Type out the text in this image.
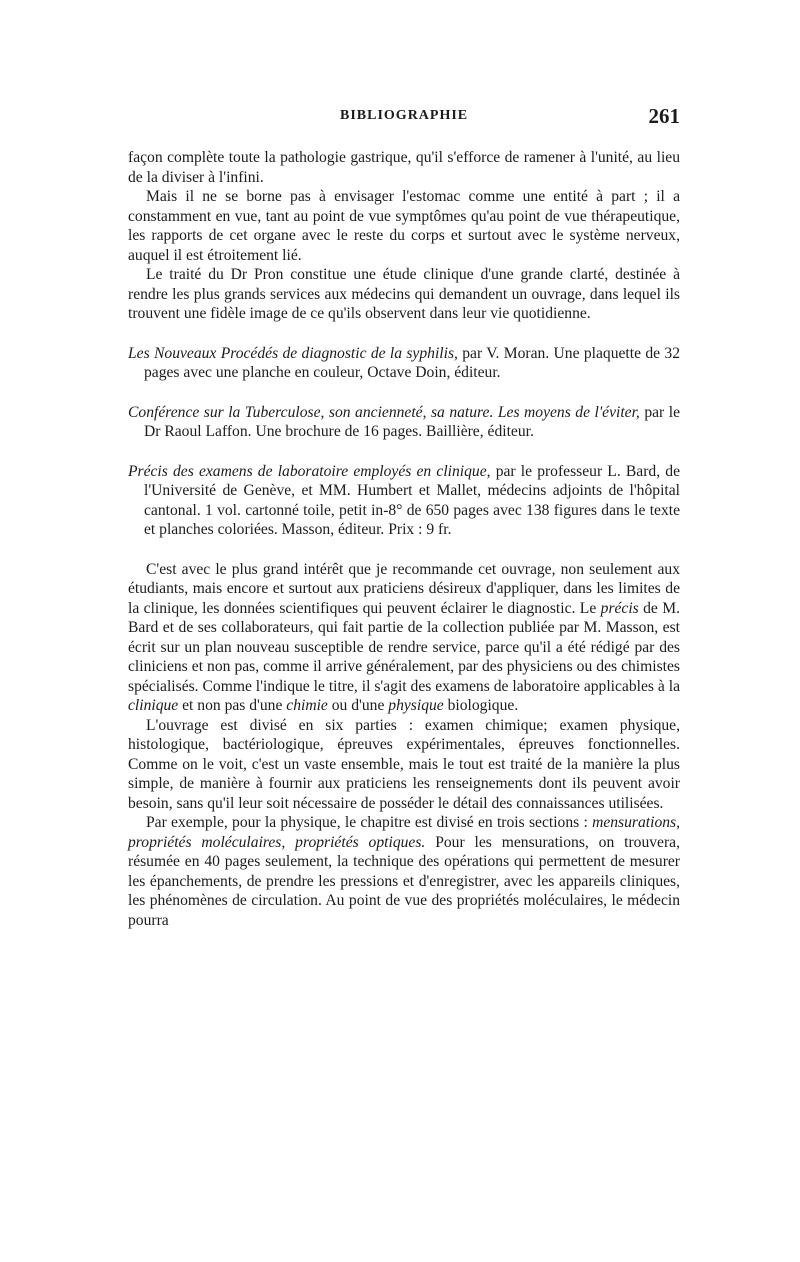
BIBLIOGRAPHIE	261

façon complète toute la pathologie gastrique, qu'il s'efforce de ramener à l'unité, au lieu de la diviser à l'infini.

Mais il ne se borne pas à envisager l'estomac comme une entité à part ; il a constamment en vue, tant au point de vue symptômes qu'au point de vue thérapeutique, les rapports de cet organe avec le reste du corps et surtout avec le système nerveux, auquel il est étroitement lié.

Le traité du Dr Pron constitue une étude clinique d'une grande clarté, destinée à rendre les plus grands services aux médecins qui demandent un ouvrage, dans lequel ils trouvent une fidèle image de ce qu'ils observent dans leur vie quotidienne.

Les Nouveaux Procédés de diagnostic de la syphilis, par V. Moran. Une plaquette de 32 pages avec une planche en couleur, Octave Doin, éditeur.

Conférence sur la Tuberculose, son ancienneté, sa nature. Les moyens de l'éviter, par le Dr Raoul Laffon. Une brochure de 16 pages. Baillière, éditeur.

Précis des examens de laboratoire employés en clinique, par le professeur L. Bard, de l'Université de Genève, et MM. Humbert et Mallet, médecins adjoints de l'hôpital cantonal. 1 vol. cartonné toile, petit in-8° de 650 pages avec 138 figures dans le texte et planches coloriées. Masson, éditeur. Prix : 9 fr.

C'est avec le plus grand intérêt que je recommande cet ouvrage, non seulement aux étudiants, mais encore et surtout aux praticiens désireux d'appliquer, dans les limites de la clinique, les données scientifiques qui peuvent éclairer le diagnostic. Le précis de M. Bard et de ses collaborateurs, qui fait partie de la collection publiée par M. Masson, est écrit sur un plan nouveau susceptible de rendre service, parce qu'il a été rédigé par des cliniciens et non pas, comme il arrive généralement, par des physiciens ou des chimistes spécialisés. Comme l'indique le titre, il s'agit des examens de laboratoire applicables à la clinique et non pas d'une chimie ou d'une physique biologique.

L'ouvrage est divisé en six parties : examen chimique; examen physique, histologique, bactériologique, épreuves expérimentales, épreuves fonctionnelles. Comme on le voit, c'est un vaste ensemble, mais le tout est traité de la manière la plus simple, de manière à fournir aux praticiens les renseignements dont ils peuvent avoir besoin, sans qu'il leur soit nécessaire de posséder le détail des connaissances utilisées.

Par exemple, pour la physique, le chapitre est divisé en trois sections : mensurations, propriétés moléculaires, propriétés optiques. Pour les mensurations, on trouvera, résumée en 40 pages seulement, la technique des opérations qui permettent de mesurer les épanchements, de prendre les pressions et d'enregistrer, avec les appareils cliniques, les phénomènes de circulation. Au point de vue des propriétés moléculaires, le médecin pourra
